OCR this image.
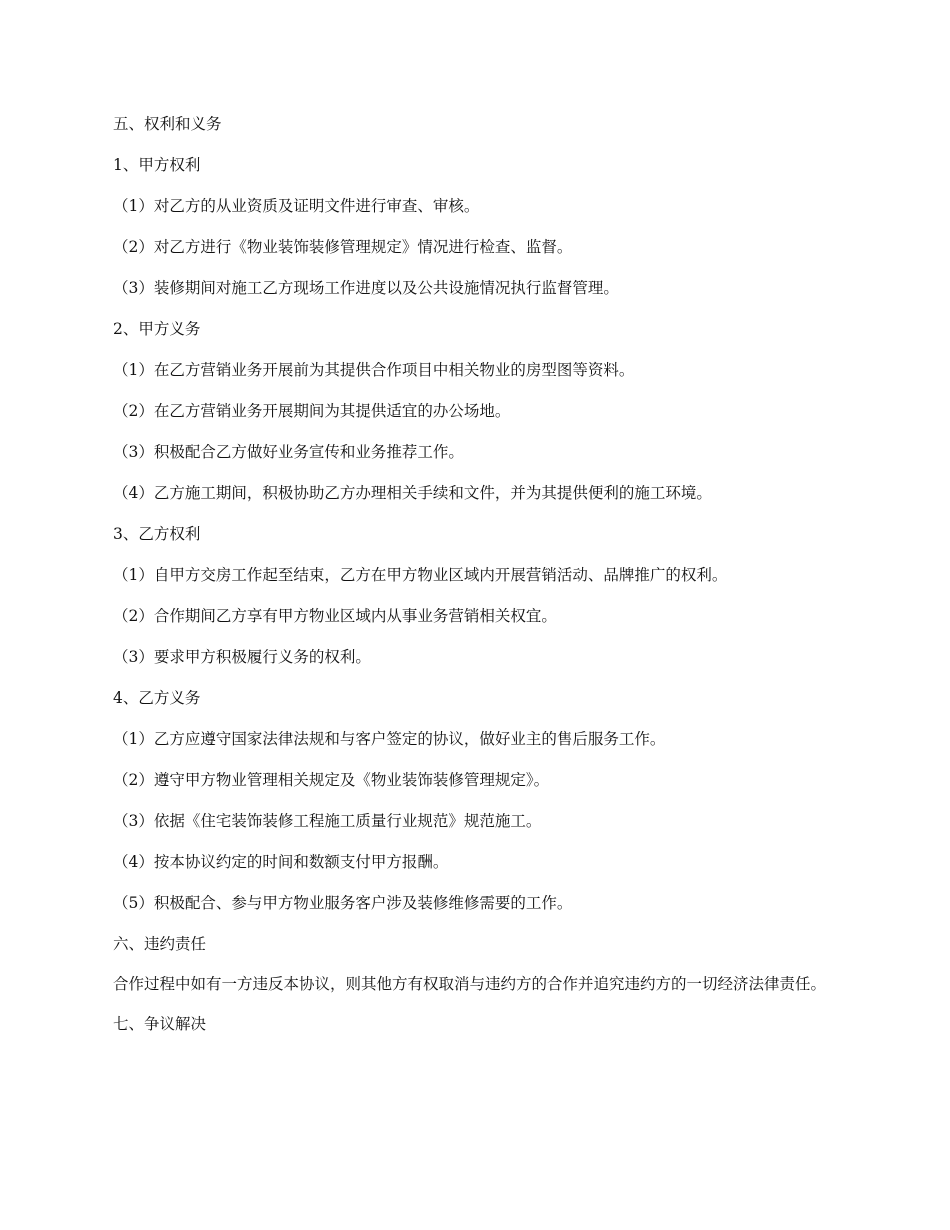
五、权利和义务
1、甲方权利
（1）对乙方的从业资质及证明文件进行审查、审核。
（2）对乙方进行《物业装饰装修管理规定》情况进行检查、监督。
（3）装修期间对施工乙方现场工作进度以及公共设施情况执行监督管理。
2、甲方义务
（1）在乙方营销业务开展前为其提供合作项目中相关物业的房型图等资料。
（2）在乙方营销业务开展期间为其提供适宜的办公场地。
（3）积极配合乙方做好业务宣传和业务推荐工作。
（4）乙方施工期间，积极协助乙方办理相关手续和文件，并为其提供便利的施工环境。
3、乙方权利
（1）自甲方交房工作起至结束，乙方在甲方物业区域内开展营销活动、品牌推广的权利。
（2）合作期间乙方享有甲方物业区域内从事业务营销相关权宜。
（3）要求甲方积极履行义务的权利。
4、乙方义务
（1）乙方应遵守国家法律法规和与客户签定的协议，做好业主的售后服务工作。
（2）遵守甲方物业管理相关规定及《物业装饰装修管理规定》。
（3）依据《住宅装饰装修工程施工质量行业规范》规范施工。
（4）按本协议约定的时间和数额支付甲方报酬。
（5）积极配合、参与甲方物业服务客户涉及装修维修需要的工作。
六、违约责任
合作过程中如有一方违反本协议，则其他方有权取消与违约方的合作并追究违约方的一切经济法律责任。
七、争议解决
